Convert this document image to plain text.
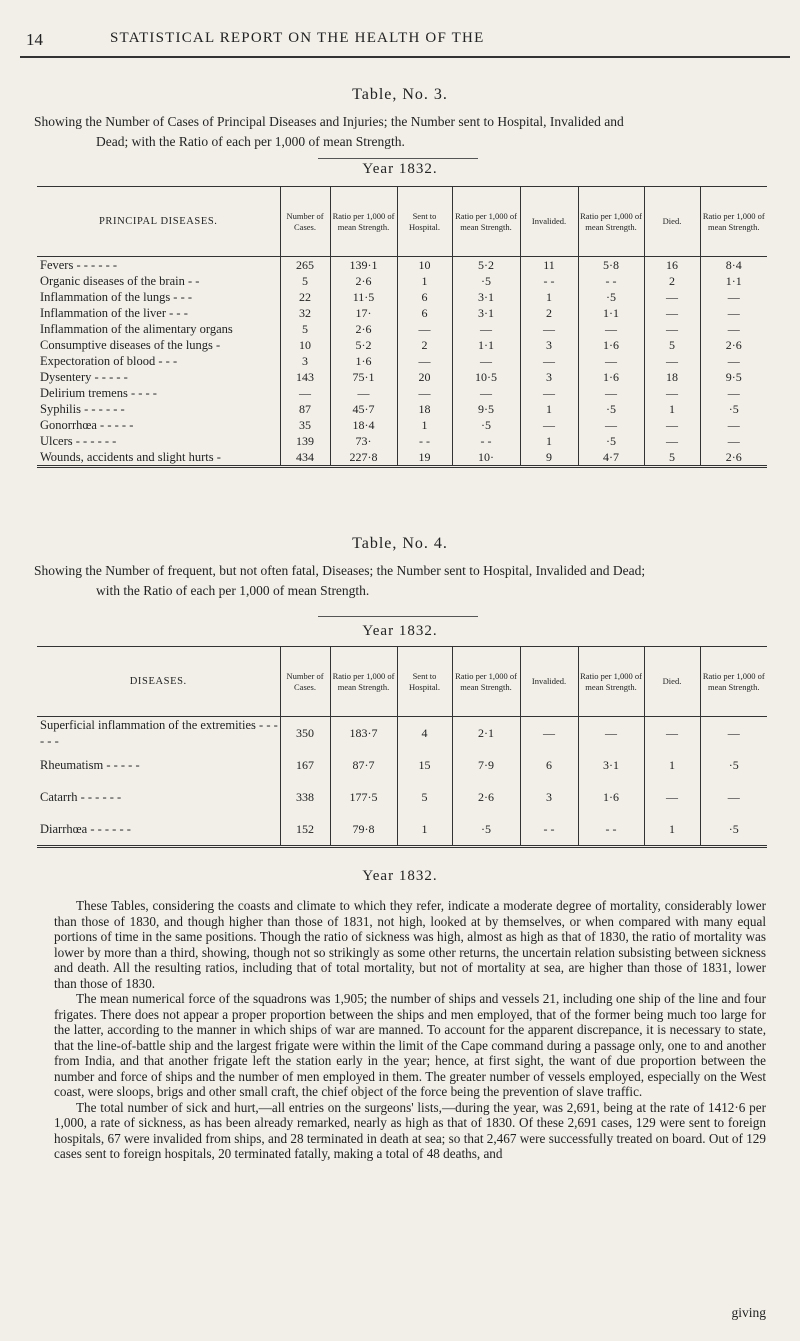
14	STATISTICAL REPORT ON THE HEALTH OF THE
Table, No. 3.
Showing the Number of Cases of Principal Diseases and Injuries; the Number sent to Hospital, Invalided and
Dead; with the Ratio of each per 1,000 of mean Strength.
Year 1832.
PRINCIPAL DISEASES.	Number of Cases.	Ratio per 1,000 of mean Strength.	Sent to Hospital.	Ratio per 1,000 of mean Strength.	Invalided.	Ratio per 1,000 of mean Strength.	Died.	Ratio per 1,000 of mean Strength.
Fevers - - - - - -	265	139·1	10	5·2	11	5·8	16	8·4
Organic diseases of the brain - -	5	2·6	1	·5	- -	- -	2	1·1
Inflammation of the lungs - - -	22	11·5	6	3·1	1	·5	—	—
Inflammation of the liver - - -	32	17·	6	3·1	2	1·1	—	—
Inflammation of the alimentary organs	5	2·6	—	—	—	—	—	—
Consumptive diseases of the lungs -	10	5·2	2	1·1	3	1·6	5	2·6
Expectoration of blood - - -	3	1·6	—	—	—	—	—	—
Dysentery - - - - -	143	75·1	20	10·5	3	1·6	18	9·5
Delirium tremens - - - -	—	—	—	—	—	—	—	—
Syphilis - - - - - -	87	45·7	18	9·5	1	·5	1	·5
Gonorrhœa - - - - -	35	18·4	1	·5	—	—	—	—
Ulcers - - - - - -	139	73·	- -	- -	1	·5	—	—
Wounds, accidents and slight hurts -	434	227·8	19	10·	9	4·7	5	2·6
Table, No. 4.
Showing the Number of frequent, but not often fatal, Diseases; the Number sent to Hospital, Invalided and Dead;
with the Ratio of each per 1,000 of mean Strength.
Year 1832.
DISEASES.	Number of Cases.	Ratio per 1,000 of mean Strength.	Sent to Hospital.	Ratio per 1,000 of mean Strength.	Invalided.	Ratio per 1,000 of mean Strength.	Died.	Ratio per 1,000 of mean Strength.
Superficial inflammation of the extremities - - - - - -	350	183·7	4	2·1	—	—	—	—
Rheumatism - - - - -	167	87·7	15	7·9	6	3·1	1	·5
Catarrh - - - - - -	338	177·5	5	2·6	3	1·6	—	—
Diarrhœa - - - - - -	152	79·8	1	·5	- -	- -	1	·5
Year 1832.

These Tables, considering the coasts and climate to which they refer, indicate a moderate degree of mortality, considerably lower than those of 1830, and though higher than those of 1831, not high, looked at by themselves, or when compared with many equal portions of time in the same positions. Though the ratio of sickness was high, almost as high as that of 1830, the ratio of mortality was lower by more than a third, showing, though not so strikingly as some other returns, the uncertain relation subsisting between sickness and death. All the resulting ratios, including that of total mortality, but not of mortality at sea, are higher than those of 1831, lower than those of 1830.

The mean numerical force of the squadrons was 1,905; the number of ships and vessels 21, including one ship of the line and four frigates. There does not appear a proper proportion between the ships and men employed, that of the former being much too large for the latter, according to the manner in which ships of war are manned. To account for the apparent discrepance, it is necessary to state, that the line-of-battle ship and the largest frigate were within the limit of the Cape command during a passage only, one to and another from India, and that another frigate left the station early in the year; hence, at first sight, the want of due proportion between the number and force of ships and the number of men employed in them. The greater number of vessels employed, especially on the West coast, were sloops, brigs and other small craft, the chief object of the force being the prevention of slave traffic.

The total number of sick and hurt,—all entries on the surgeons' lists,—during the year, was 2,691, being at the rate of 1412·6 per 1,000, a rate of sickness, as has been already remarked, nearly as high as that of 1830. Of these 2,691 cases, 129 were sent to foreign hospitals, 67 were invalided from ships, and 28 terminated in death at sea; so that 2,467 were successfully treated on board. Out of 129 cases sent to foreign hospitals, 20 terminated fatally, making a total of 48 deaths, and

giving
